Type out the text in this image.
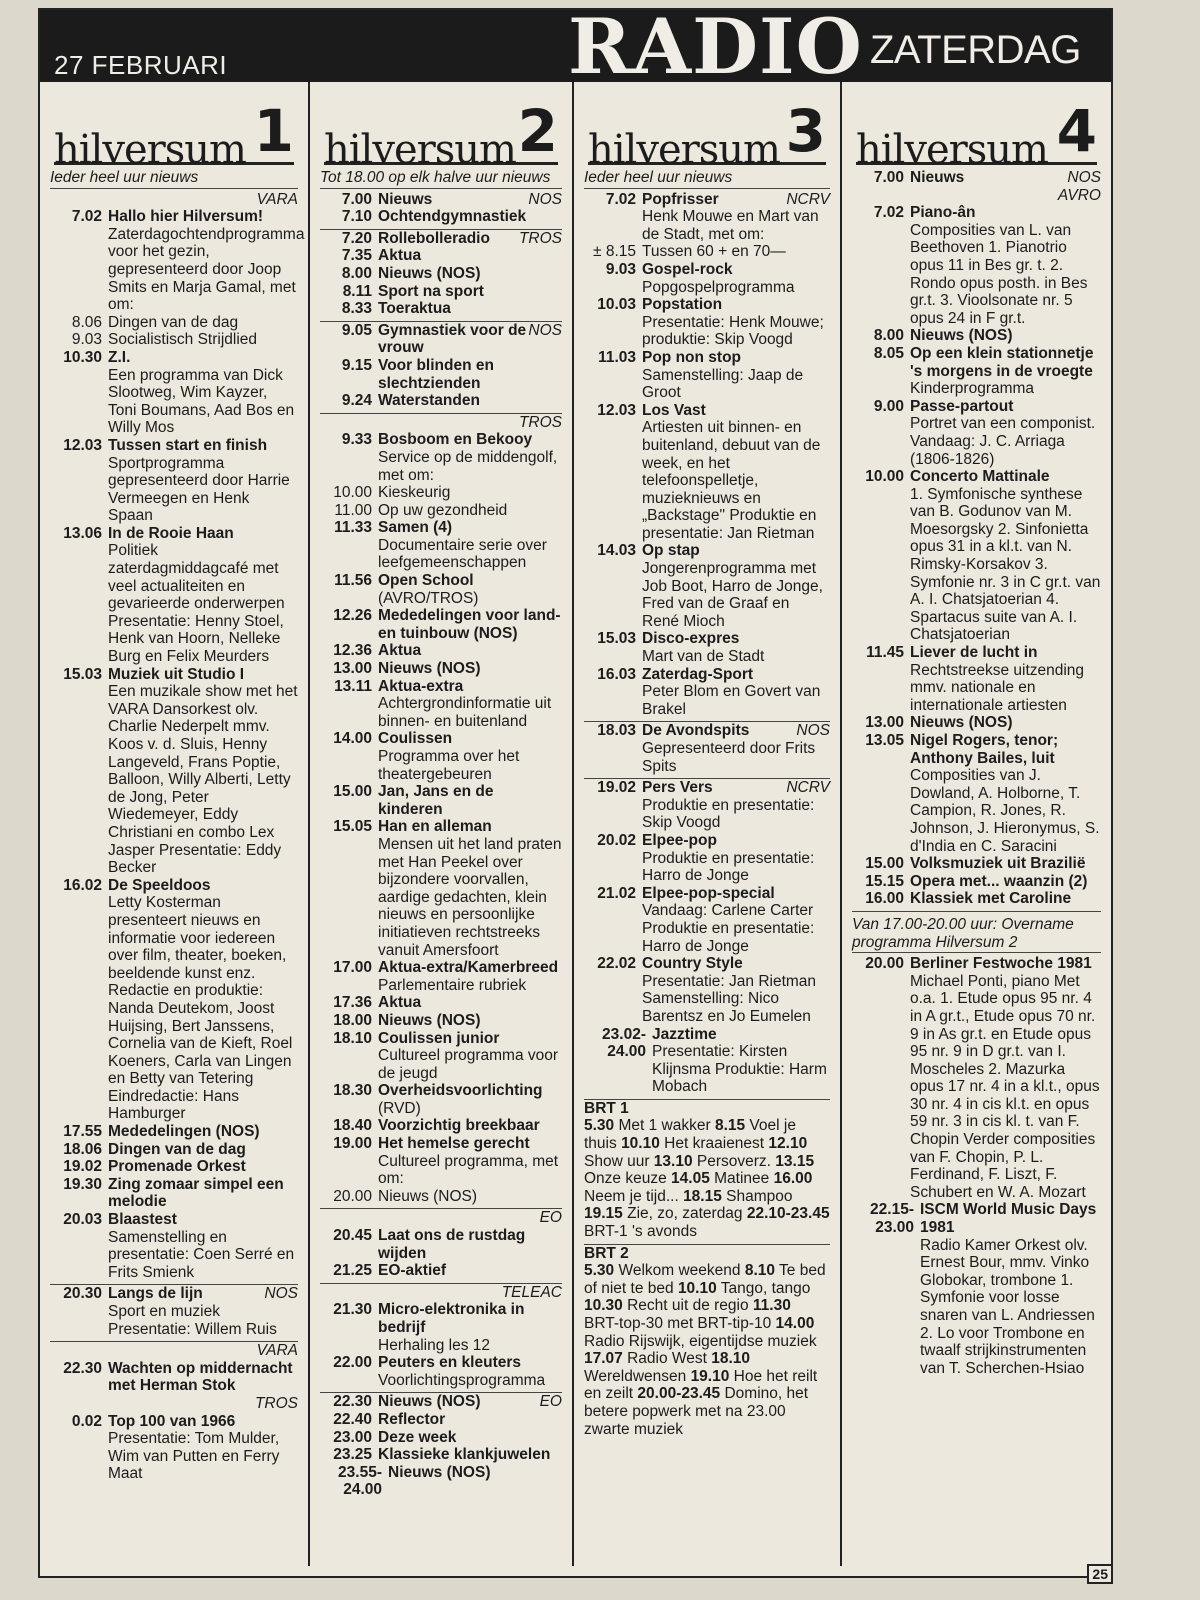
27 FEBRUARI	RADIO ZATERDAG
hilversum 1
Ieder heel uur nieuws
VARA
7.02 Hallo hier Hilversum!
Zaterdagochtendprogramma voor het gezin, gepresenteerd door Joop Smits en Marja Gamal, met om:
8.06 Dingen van de dag
9.03 Socialistisch Strijdlied
10.30 Z.I.
Een programma van Dick Slootweg, Wim Kayzer, Toni Boumans, Aad Bos en Willy Mos
12.03 Tussen start en finish
Sportprogramma gepresenteerd door Harrie Vermeegen en Henk Spaan
13.06 In de Rooie Haan
Politiek zaterdagmiddagcafé met veel actualiteiten en gevarieerde onderwerpen Presentatie: Henny Stoel, Henk van Hoorn, Nelleke Burg en Felix Meurders
15.03 Muziek uit Studio I
Een muzikale show met het VARA Dansorkest olv. Charlie Nederpelt mmv. Koos v. d. Sluis, Henny Langeveld, Frans Poptie, Balloon, Willy Alberti, Letty de Jong, Peter Wiedemeyer, Eddy Christiani en combo Lex Jasper Presentatie: Eddy Becker
16.02 De Speeldoos
Letty Kosterman presenteert nieuws en informatie voor iedereen over film, theater, boeken, beeldende kunst enz. Redactie en produktie: Nanda Deutekom, Joost Huijsing, Bert Janssens, Cornelia van de Kieft, Roel Koeners, Carla van Lingen en Betty van Tetering Eindredactie: Hans Hamburger
17.55 Mededelingen (NOS)
18.06 Dingen van de dag
19.02 Promenade Orkest
19.30 Zing zomaar simpel een melodie
20.03 Blaastest
Samenstelling en presentatie: Coen Serré en Frits Smienk
20.30 Langs de lijn	NOS
Sport en muziek Presentatie: Willem Ruis
VARA
22.30 Wachten op middernacht met Herman Stok
TROS
0.02 Top 100 van 1966
Presentatie: Tom Mulder, Wim van Putten en Ferry Maat
hilversum 2
Tot 18.00 op elk halve uur nieuws
7.00 Nieuws	NOS
7.10 Ochtendgymnastiek
7.20 Rollebolleradio TROS
7.35 Aktua
8.00 Nieuws (NOS)
8.11 Sport na sport
8.33 Toeraktua
9.05 Gymnastiek voor de vrouw
NOS
9.15 Voor blinden en slechtzienden
9.24 Waterstanden
TROS
9.33 Bosboom en Bekooy
Service op de middengolf, met om:
10.00 Kieskeurig
11.00 Op uw gezondheid
11.33 Samen (4)
Documentaire serie over leefgemeenschappen
11.56 Open School
(AVRO/TROS)
12.26 Mededelingen voor land- en tuinbouw (NOS)
12.36 Aktua
13.00 Nieuws (NOS)
13.11 Aktua-extra
Achtergrondinformatie uit binnen- en buitenland
14.00 Coulissen
Programma over het theatergebeuren
15.00 Jan, Jans en de kinderen
15.05 Han en alleman
Mensen uit het land praten met Han Peekel over bijzondere voorvallen, aardige gedachten, klein nieuws en persoonlijke initiatieven rechtstreeks vanuit Amersfoort
17.00 Aktua-extra/Kamerbreed
Parlementaire rubriek
17.36 Aktua
18.00 Nieuws (NOS)
18.10 Coulissen junior
Cultureel programma voor de jeugd
18.30 Overheidsvoorlichting
(RVD)
18.40 Voorzichtig breekbaar
19.00 Het hemelse gerecht
Cultureel programma, met om:
20.00 Nieuws (NOS)
EO
20.45 Laat ons de rustdag wijden
21.25 EO-aktief
TELEAC
21.30 Micro-elektronika in bedrijf
Herhaling les 12
22.00 Peuters en kleuters
Voorlichtingsprogramma
22.30 Nieuws (NOS)	EO
22.40 Reflector
23.00 Deze week
23.25 Klassieke klankjuwelen
23.55-24.00
Nieuws (NOS)
hilversum 3
Ieder heel uur nieuws
7.02 Popfrisser	NCRV
Henk Mouwe en Mart van de Stadt, met om:
± 8.15 Tussen 60 + en 70—
9.03 Gospel-rock
Popgospelprogramma
10.03 Popstation
Presentatie: Henk Mouwe; produktie: Skip Voogd
11.03 Pop non stop
Samenstelling: Jaap de Groot
12.03 Los Vast
Artiesten uit binnen- en buitenland, debuut van de week, en het telefoonspelletje, muzieknieuws en „Backstage" Produktie en presentatie: Jan Rietman
14.03 Op stap
Jongerenprogramma met Job Boot, Harro de Jonge, Fred van de Graaf en René Mioch
15.03 Disco-expres
Mart van de Stadt
16.03 Zaterdag-Sport
Peter Blom en Govert van Brakel
18.03 De Avondspits	NOS
Gepresenteerd door Frits Spits
19.02 Pers Vers	NCRV
Produktie en presentatie: Skip Voogd
20.02 Elpee-pop
Produktie en presentatie: Harro de Jonge
21.02 Elpee-pop-special
Vandaag: Carlene Carter Produktie en presentatie: Harro de Jonge
22.02 Country Style
Presentatie: Jan Rietman Samenstelling: Nico Barentsz en Jo Eumelen
23.02-24.00
Jazztime
Presentatie: Kirsten Klijnsma Produktie: Harm Mobach
BRT 1
5.30 Met 1 wakker 8.15 Voel je thuis 10.10 Het kraaienest 12.10 Show uur 13.10 Persoverz. 13.15 Onze keuze 14.05 Matinee 16.00 Neem je tijd... 18.15 Shampoo 19.15 Zie, zo, zaterdag 22.10-23.45 BRT-1 's avonds
BRT 2
5.30 Welkom weekend 8.10 Te bed of niet te bed 10.10 Tango, tango 10.30 Recht uit de regio 11.30 BRT-top-30 met BRT-tip-10 14.00 Radio Rijswijk, eigentijdse muziek 17.07 Radio West 18.10 Wereldwensen 19.10 Hoe het reilt en zeilt 20.00-23.45 Domino, het betere popwerk met na 23.00 zwarte muziek
hilversum 4
7.00 Nieuws	NOS
AVRO
7.02 Piano-ân
Composities van L. van Beethoven 1. Pianotrio opus 11 in Bes gr. t. 2. Rondo opus posth. in Bes gr.t. 3. Vioolsonate nr. 5 opus 24 in F gr.t.
8.00 Nieuws (NOS)
8.05 Op een klein stationnetje 's morgens in de vroegte
Kinderprogramma
9.00 Passe-partout
Portret van een componist. Vandaag: J. C. Arriaga (1806-1826)
10.00 Concerto Mattinale
1. Symfonische synthese van B. Godunov van M. Moesorgsky 2. Sinfonietta opus 31 in a kl.t. van N. Rimsky-Korsakov 3. Symfonie nr. 3 in C gr.t. van A. I. Chatsjatoerian 4. Spartacus suite van A. I. Chatsjatoerian
11.45 Liever de lucht in
Rechtstreekse uitzending mmv. nationale en internationale artiesten
13.00 Nieuws (NOS)
13.05 Nigel Rogers, tenor; Anthony Bailes, luit
Composities van J. Dowland, A. Holborne, T. Campion, R. Jones, R. Johnson, J. Hieronymus, S. d'India en C. Saracini
15.00 Volksmuziek uit Brazilië
15.15 Opera met... waanzin (2)
16.00 Klassiek met Caroline
Van 17.00-20.00 uur: Overname programma Hilversum 2
20.00 Berliner Festwoche 1981
Michael Ponti, piano Met o.a. 1. Etude opus 95 nr. 4 in A gr.t., Etude opus 70 nr. 9 in As gr.t. en Etude opus 95 nr. 9 in D gr.t. van I. Moscheles 2. Mazurka opus 17 nr. 4 in a kl.t., opus 30 nr. 4 in cis kl.t. en opus 59 nr. 3 in cis kl. t. van F. Chopin Verder composities van F. Chopin, P. L. Ferdinand, F. Liszt, F. Schubert en W. A. Mozart
22.15-23.00
ISCM World Music Days 1981
Radio Kamer Orkest olv. Ernest Bour, mmv. Vinko Globokar, trombone 1. Symfonie voor losse snaren van L. Andriessen 2. Lo voor Trombone en twaalf strijkinstrumenten van T. Scherchen-Hsiao
25
